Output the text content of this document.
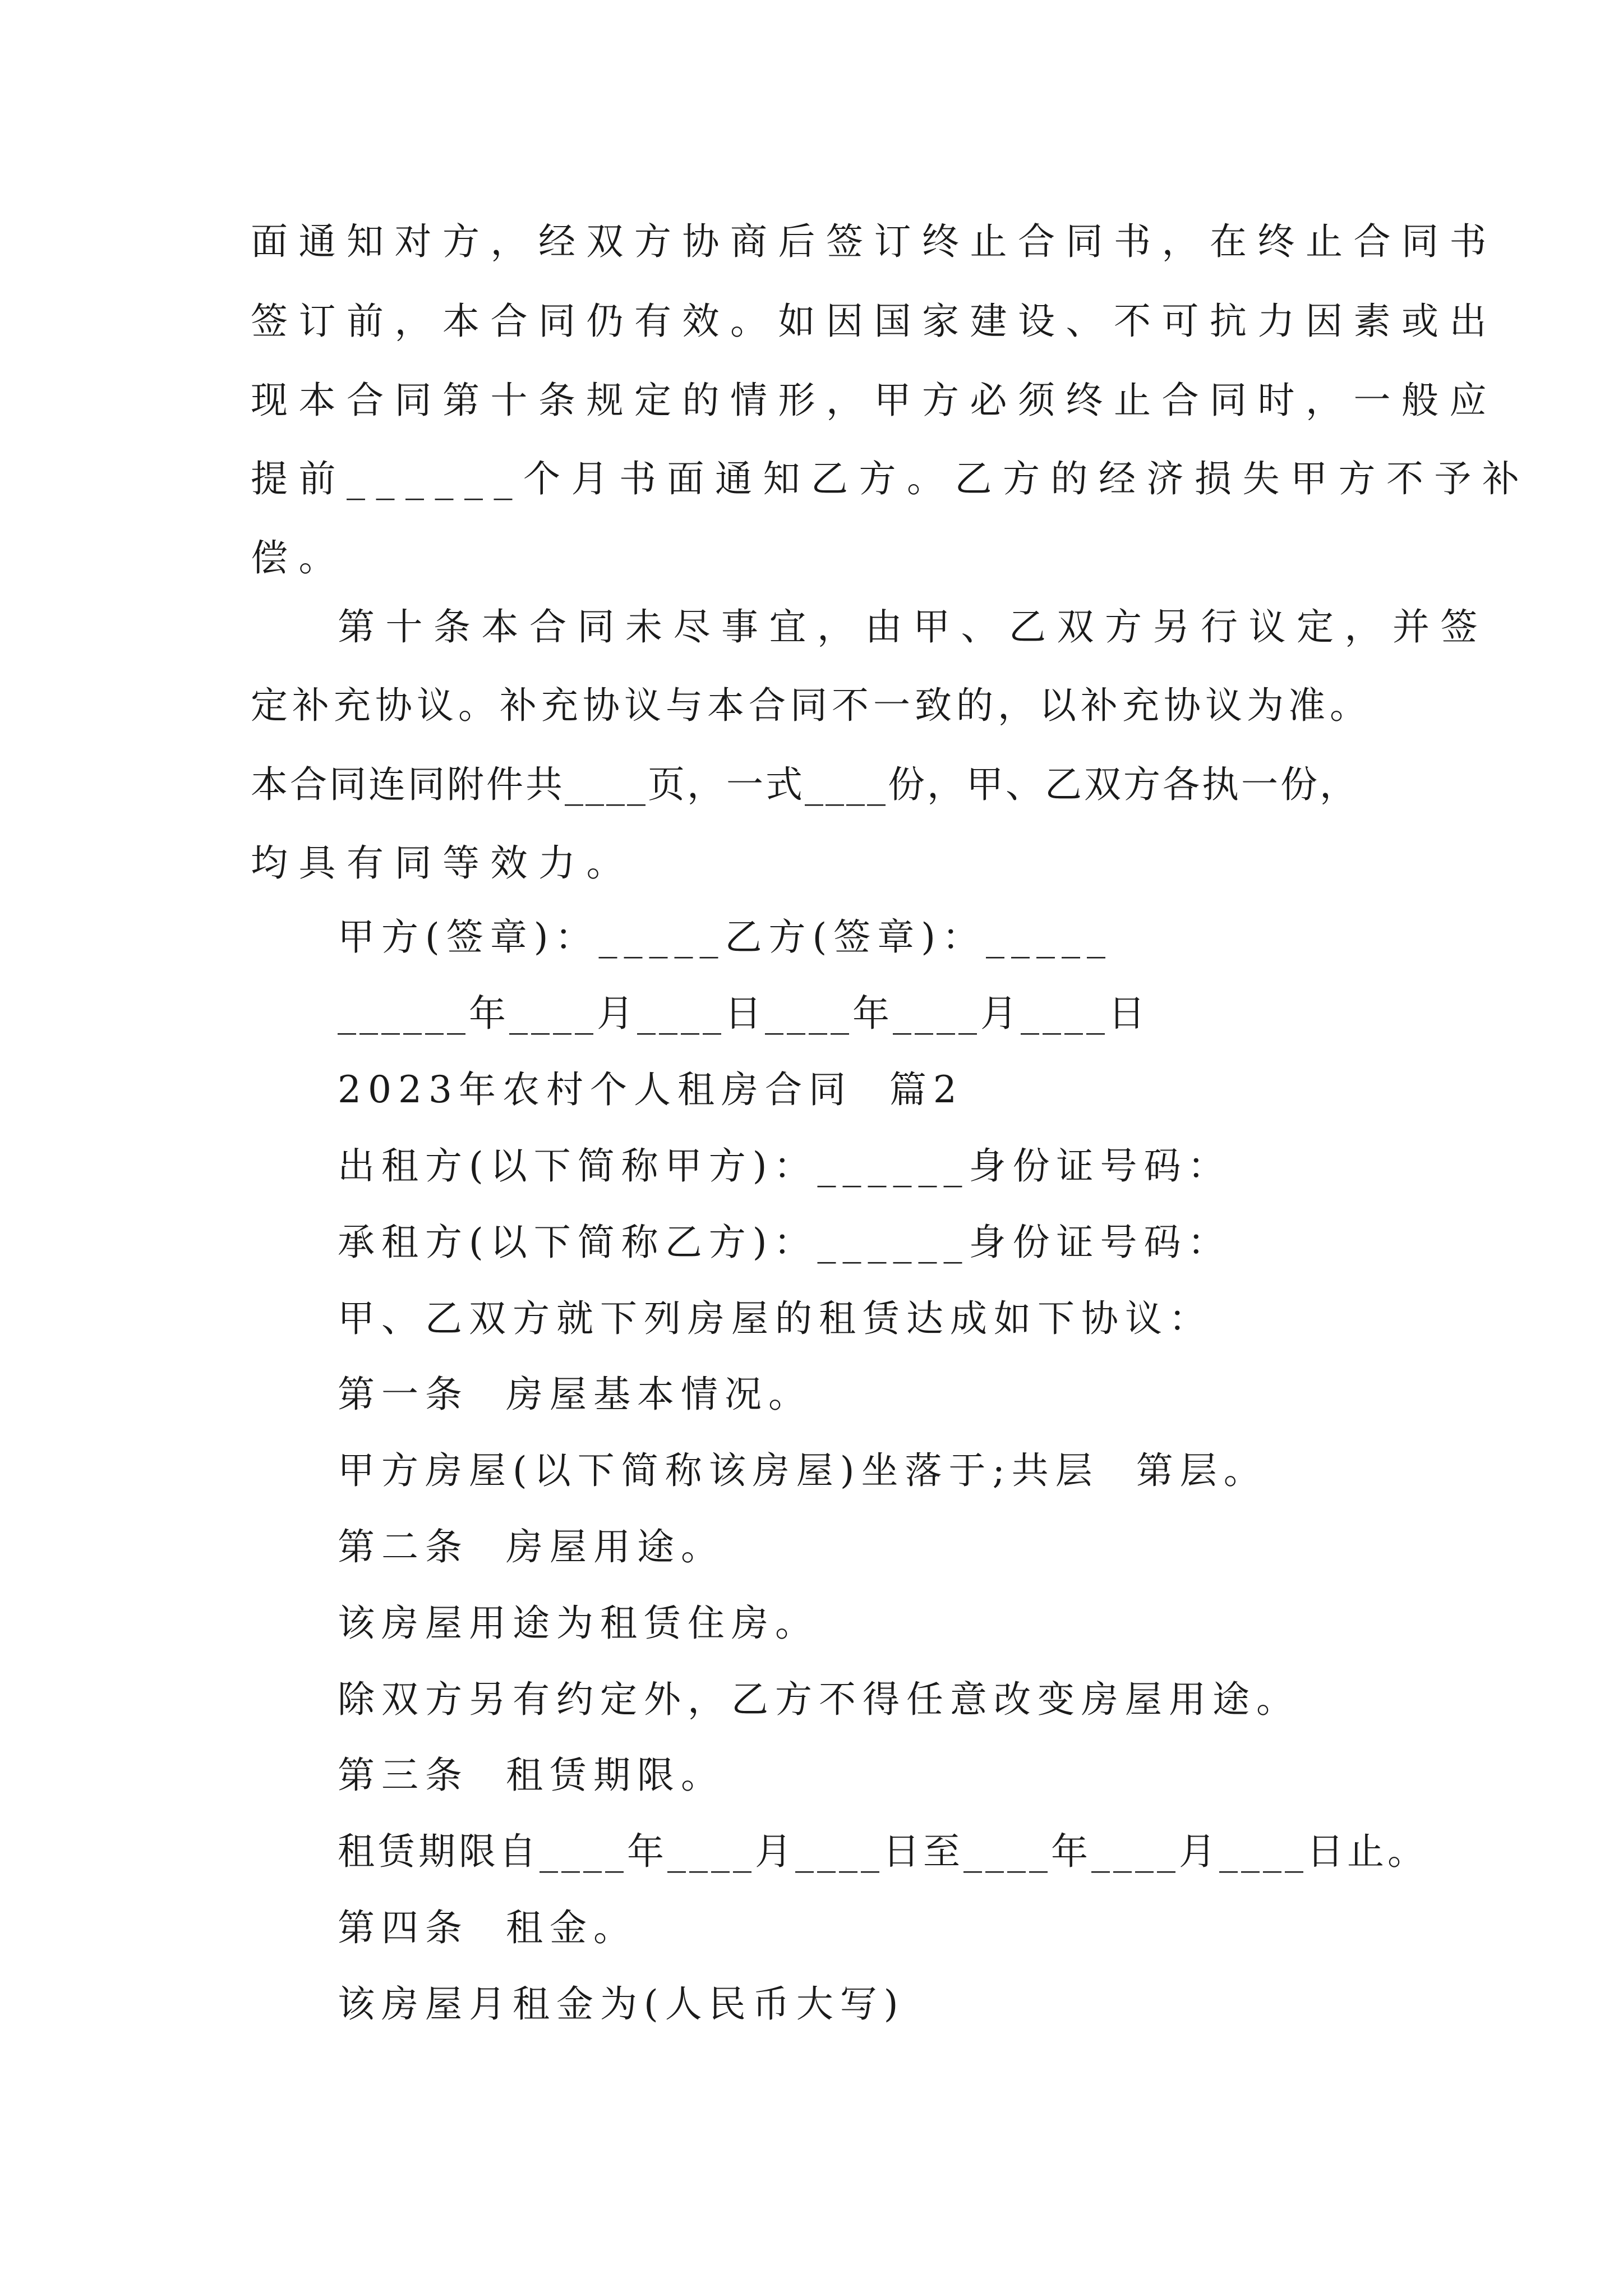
面通知对方，经双方协商后签订终止合同书，在终止合同书
签订前，本合同仍有效。如因国家建设、不可抗力因素或出
现本合同第十条规定的情形，甲方必须终止合同时，一般应
提前______个月书面通知乙方。乙方的经济损失甲方不予补
偿。
第十条本合同未尽事宜，由甲、乙双方另行议定，并签
定补充协议。补充协议与本合同不一致的，以补充协议为准。
本合同连同附件共____页，一式____份，甲、乙双方各执一份，
均具有同等效力。
甲方(签章)：_____乙方(签章)：_____
______年____月____日____年____月____日
2023年农村个人租房合同  篇2
出租方(以下简称甲方)：______身份证号码：
承租方(以下简称乙方)：______身份证号码：
甲、乙双方就下列房屋的租赁达成如下协议：
第一条  房屋基本情况。
甲方房屋(以下简称该房屋)坐落于;共层  第层。
第二条  房屋用途。
该房屋用途为租赁住房。
除双方另有约定外，乙方不得任意改变房屋用途。
第三条  租赁期限。
租赁期限自____年____月____日至____年____月____日止。
第四条  租金。
该房屋月租金为(人民币大写)
